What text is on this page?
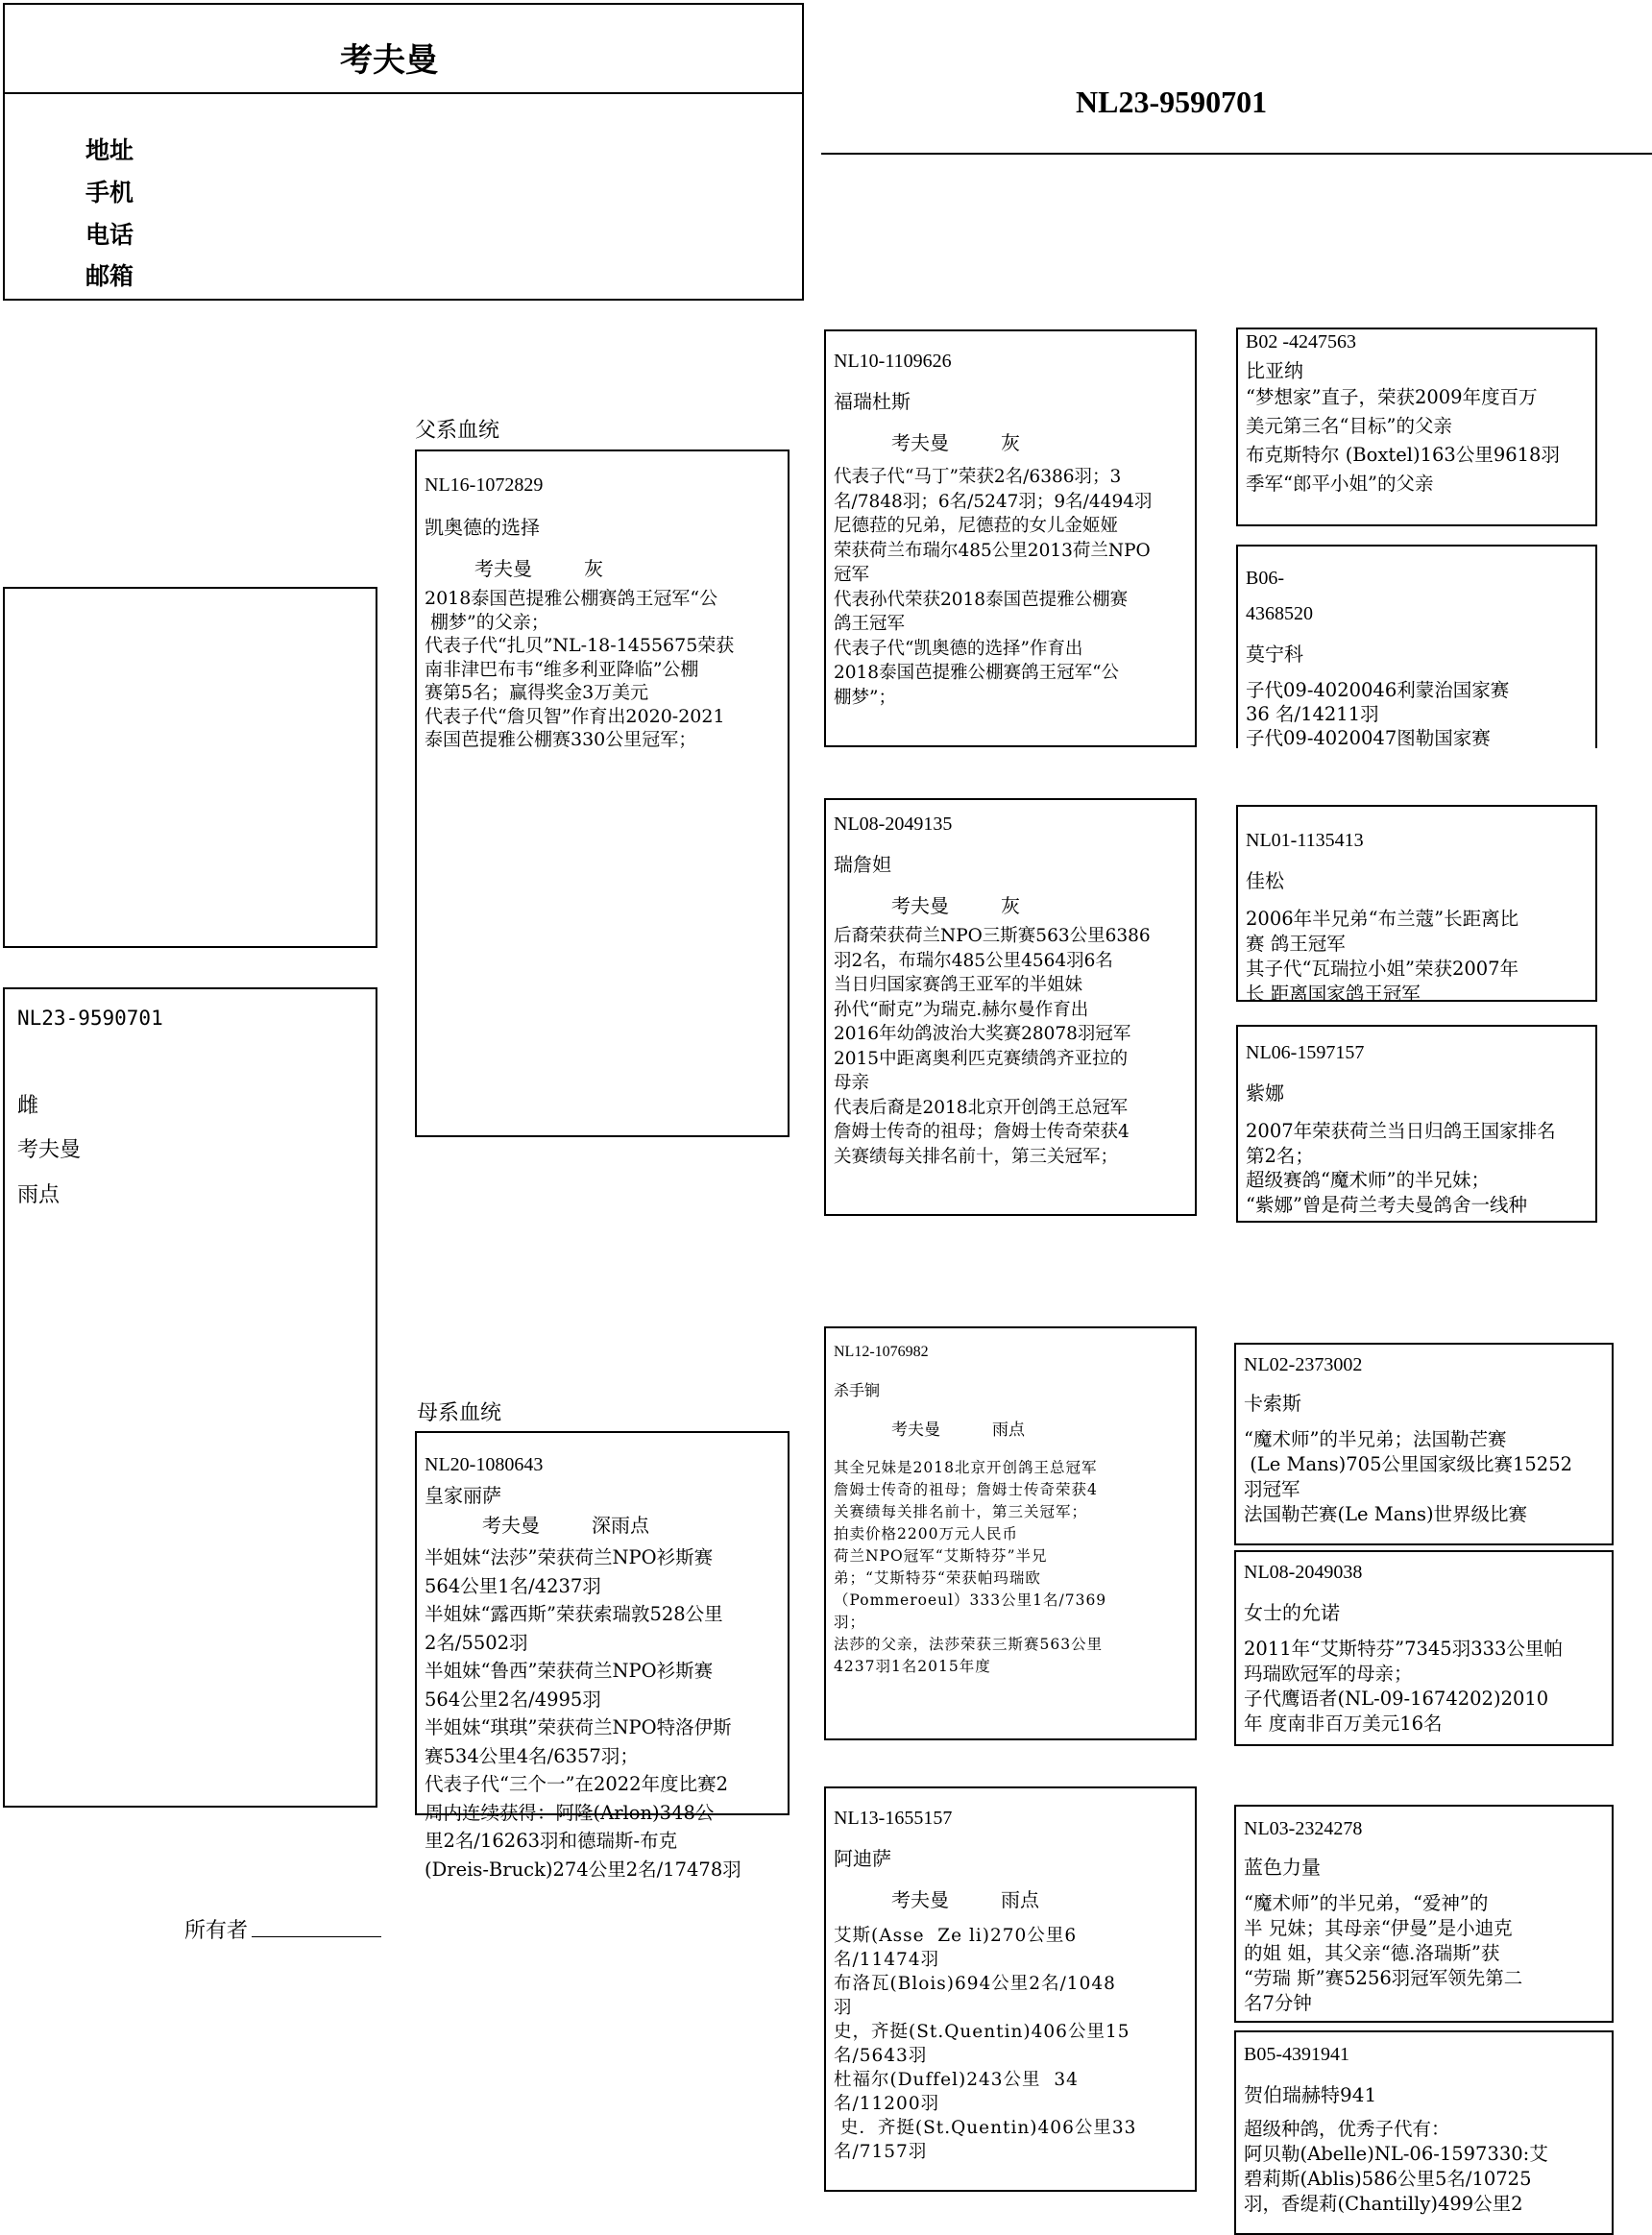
考夫曼
地址
手机
电话
邮箱
NL23-9590701
NL23-9590701
雌
考夫曼
雨点
所有者
父系血统
母系血统
NL16-1072829
凯奥德的选择
考夫曼	灰
2018泰国芭提雅公棚赛鸽王冠军“公
棚梦”的父亲；
代表子代“扎贝”NL-18-1455675荣获
南非津巴布韦“维多利亚降临”公棚
赛第5名；赢得奖金3万美元
代表子代“詹贝智”作育出2020-2021
泰国芭提雅公棚赛330公里冠军；
NL20-1080643
皇家丽萨
考夫曼	深雨点
半姐妹“法莎”荣获荷兰NPO衫斯赛
564公里1名/4237羽
半姐妹“露西斯”荣获索瑞敦528公里
2名/5502羽
半姐妹“鲁西”荣获荷兰NPO衫斯赛
564公里2名/4995羽
半姐妹“琪琪”荣获荷兰NPO特洛伊斯
赛534公里4名/6357羽；
代表子代“三个一”在2022年度比赛2
周内连续获得：阿隆(Arlon)348公
里2名/16263羽和德瑞斯-布克
(Dreis-Bruck)274公里2名/17478羽
NL10-1109626
福瑞杜斯
考夫曼	灰
代表子代“马丁”荣获2名/6386羽；3
名/7848羽；6名/5247羽；9名/4494羽
尼德菈的兄弟，尼德菈的女儿金姬娅
荣获荷兰布瑞尔485公里2013荷兰NPO
冠军
代表孙代荣获2018泰国芭提雅公棚赛
鸽王冠军
代表子代“凯奥德的选择”作育出
2018泰国芭提雅公棚赛鸽王冠军“公
棚梦”；
NL08-2049135
瑞詹妲
考夫曼	灰
后裔荣获荷兰NPO三斯赛563公里6386
羽2名，布瑞尔485公里4564羽6名
当日归国家赛鸽王亚军的半姐妹
孙代“耐克”为瑞克.赫尔曼作育出
2016年幼鸽波治大奖赛28078羽冠军
2015中距离奥利匹克赛绩鸽齐亚拉的
母亲
代表后裔是2018北京开创鸽王总冠军
詹姆士传奇的祖母；詹姆士传奇荣获4
关赛绩每关排名前十，第三关冠军；
NL12-1076982
杀手锏
考夫曼	雨点
其全兄妹是2018北京开创鸽王总冠军
詹姆士传奇的祖母；詹姆士传奇荣获4
关赛绩每关排名前十，第三关冠军；
拍卖价格2200万元人民币
荷兰NPO冠军“艾斯特芬”半兄
弟；“艾斯特芬“荣获帕玛瑞欧
（Pommeroeul）333公里1名/7369
羽；
法莎的父亲，法莎荣获三斯赛563公里
4237羽1名2015年度
NL13-1655157
阿迪萨
考夫曼	雨点
艾斯(Asse  Ze li)270公里6
名/11474羽
布洛瓦(Blois)694公里2名/1048
羽
史，齐挺(St.Quentin)406公里15
名/5643羽
杜福尔(Duffel)243公里  34
名/11200羽
史．齐挺(St.Quentin)406公里33
名/7157羽
B02 -4247563
比亚纳
“梦想家”直子，荣获2009年度百万
美元第三名“目标”的父亲
布克斯特尔 (Boxtel)163公里9618羽
季军“郎平小姐”的父亲
B06-
4368520
莫宁科
子代09-4020046利蒙治国家赛
36 名/14211羽
子代09-4020047图勒国家赛
NL01-1135413
佳松
2006年半兄弟“布兰蔻”长距离比
赛 鸽王冠军
其子代“瓦瑞拉小姐”荣获2007年
长 距离国家鸽王冠军
NL06-1597157
紫娜
2007年荣获荷兰当日归鸽王国家排名
第2名；
超级赛鸽“魔术师”的半兄妹；
“紫娜”曾是荷兰考夫曼鸽舍一线种
NL02-2373002
卡索斯
“魔术师”的半兄弟；法国勒芒赛
(Le Mans)705公里国家级比赛15252
羽冠军
法国勒芒赛(Le Mans)世界级比赛
NL08-2049038
女士的允诺
2011年“艾斯特芬”7345羽333公里帕
玛瑞欧冠军的母亲；
子代鹰语者(NL-09-1674202)2010
年 度南非百万美元16名
NL03-2324278
蓝色力量
“魔术师”的半兄弟，“爱神”的
半 兄妹；其母亲“伊曼”是小迪克
的姐 姐，其父亲“德.洛瑞斯”获
“劳瑞 斯”赛5256羽冠军领先第二
名7分钟
B05-4391941
贺伯瑞赫特941
超级种鸽，优秀子代有：
阿贝勒(Abelle)NL-06-1597330:艾
碧莉斯(Ablis)586公里5名/10725
羽，香缇莉(Chantilly)499公里2
